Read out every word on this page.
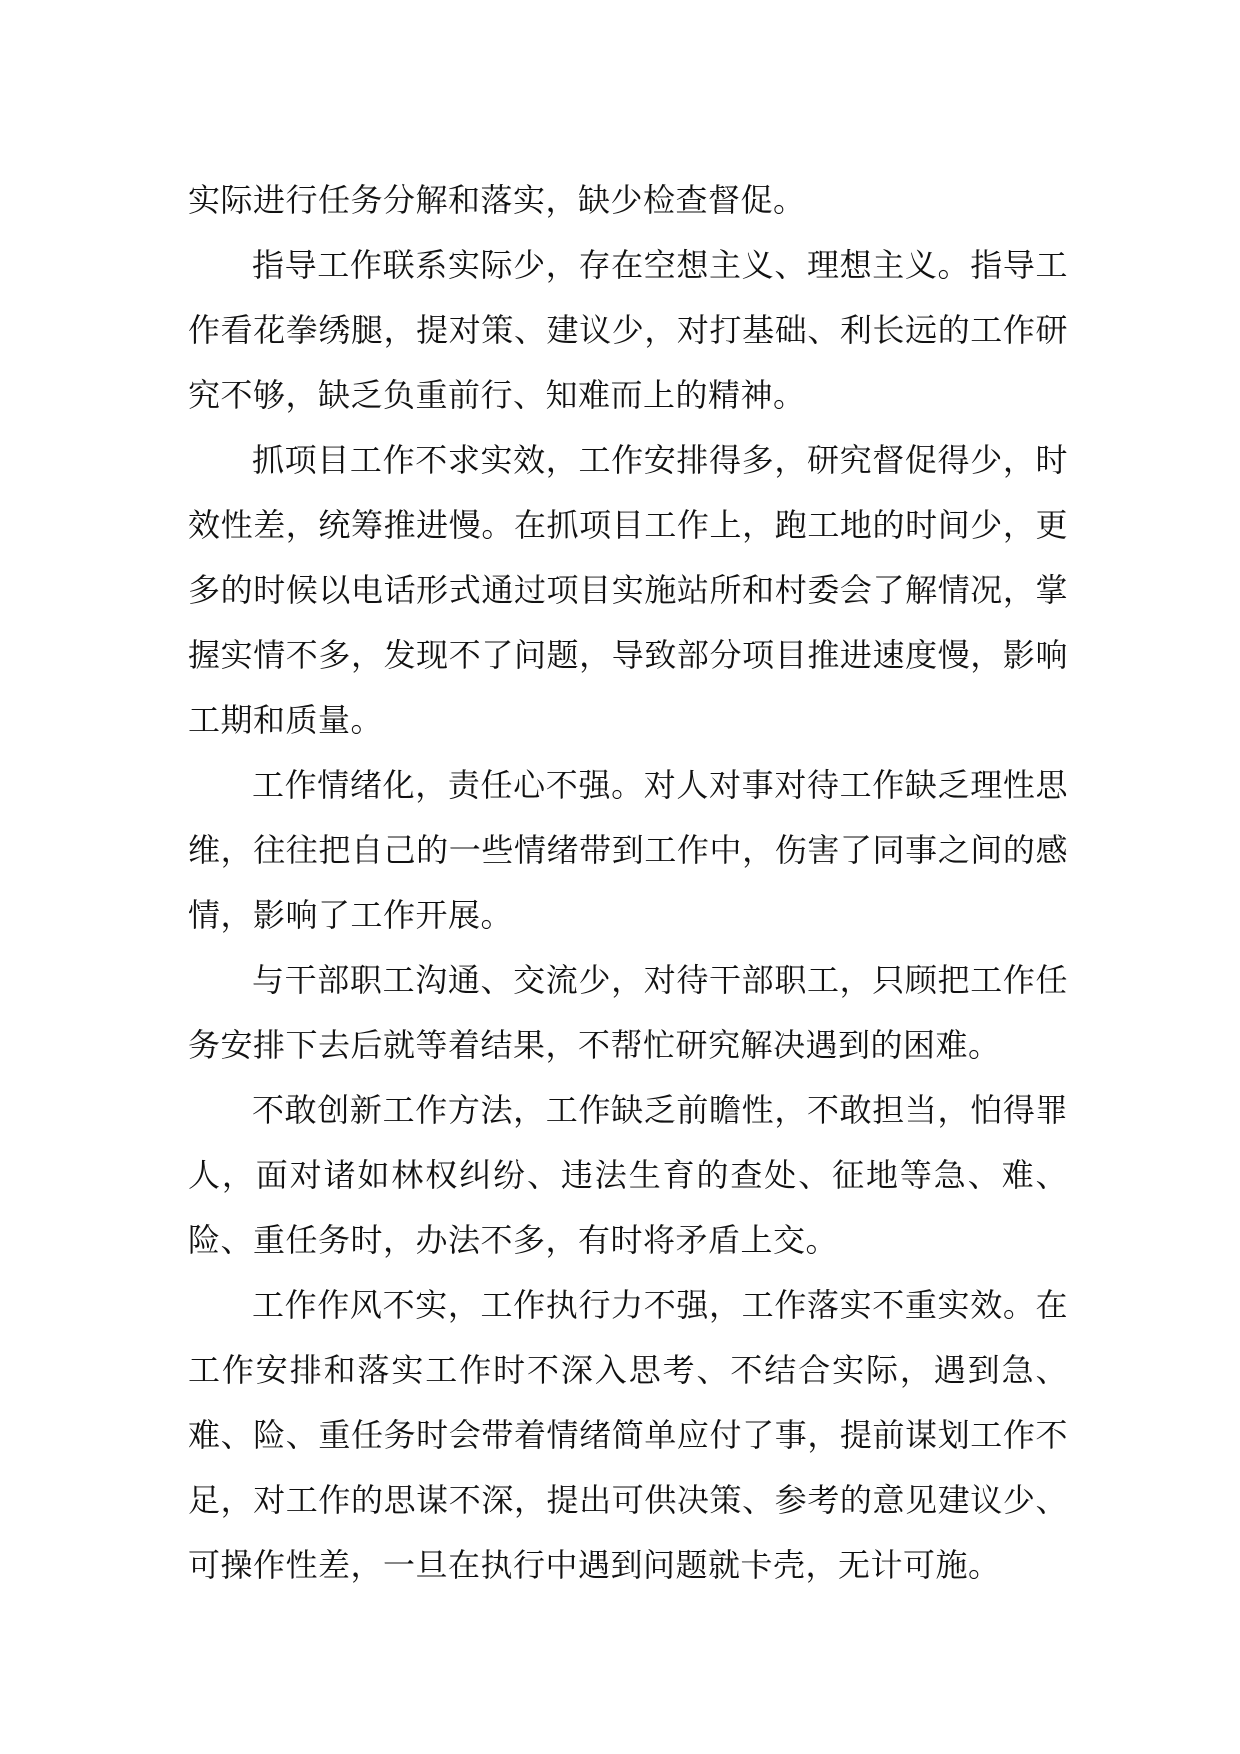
实际进行任务分解和落实，缺少检查督促。

指导工作联系实际少，存在空想主义、理想主义。指导工作看花拳绣腿，提对策、建议少，对打基础、利长远的工作研究不够，缺乏负重前行、知难而上的精神。

抓项目工作不求实效，工作安排得多，研究督促得少，时效性差，统筹推进慢。在抓项目工作上，跑工地的时间少，更多的时候以电话形式通过项目实施站所和村委会了解情况，掌握实情不多，发现不了问题，导致部分项目推进速度慢，影响工期和质量。

工作情绪化，责任心不强。对人对事对待工作缺乏理性思维，往往把自己的一些情绪带到工作中，伤害了同事之间的感情，影响了工作开展。

与干部职工沟通、交流少，对待干部职工，只顾把工作任务安排下去后就等着结果，不帮忙研究解决遇到的困难。

不敢创新工作方法，工作缺乏前瞻性，不敢担当，怕得罪人，面对诸如林权纠纷、违法生育的查处、征地等急、难、险、重任务时，办法不多，有时将矛盾上交。

工作作风不实，工作执行力不强，工作落实不重实效。在工作安排和落实工作时不深入思考、不结合实际，遇到急、难、险、重任务时会带着情绪简单应付了事，提前谋划工作不足，对工作的思谋不深，提出可供决策、参考的意见建议少、可操作性差，一旦在执行中遇到问题就卡壳，无计可施。
